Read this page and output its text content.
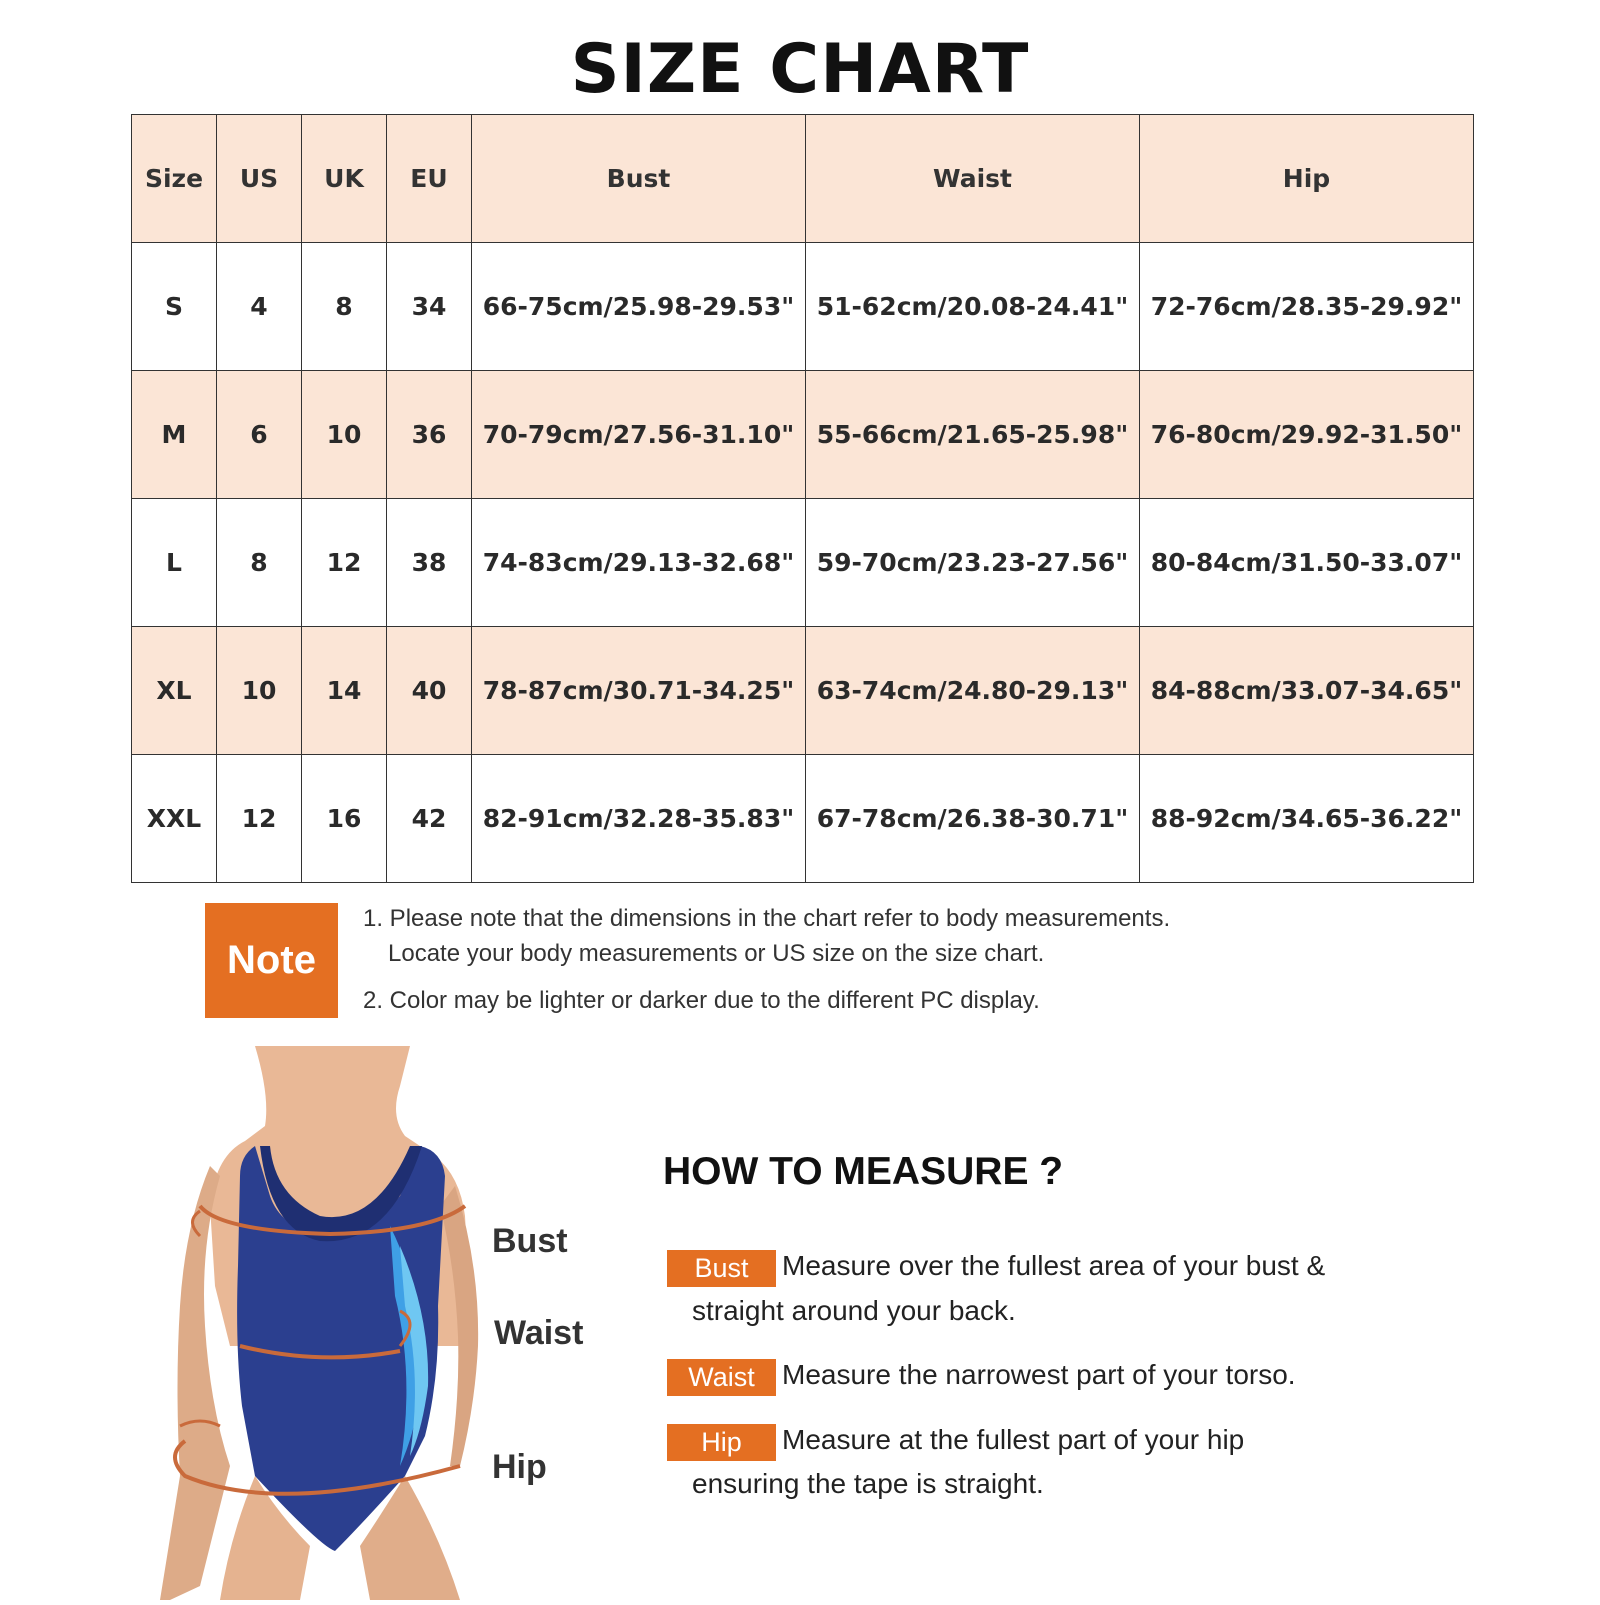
SIZE CHART
Size	US	UK	EU	Bust	Waist	Hip
S	4	8	34	66-75cm/25.98-29.53"	51-62cm/20.08-24.41"	72-76cm/28.35-29.92"
M	6	10	36	70-79cm/27.56-31.10"	55-66cm/21.65-25.98"	76-80cm/29.92-31.50"
L	8	12	38	74-83cm/29.13-32.68"	59-70cm/23.23-27.56"	80-84cm/31.50-33.07"
XL	10	14	40	78-87cm/30.71-34.25"	63-74cm/24.80-29.13"	84-88cm/33.07-34.65"
XXL	12	16	42	82-91cm/32.28-35.83"	67-78cm/26.38-30.71"	88-92cm/34.65-36.22"
Note
1. Please note that the dimensions in the chart refer to body measurements.
Locate your body measurements or US size on the size chart.
2. Color may be lighter or darker due to the different PC display.
Bust
Waist
Hip
HOW TO MEASURE ?
Bust	Measure over the fullest area of your bust &
straight around your back.
Waist Measure the narrowest part of your torso.
Hip	Measure at the fullest part of your hip
ensuring the tape is straight.
